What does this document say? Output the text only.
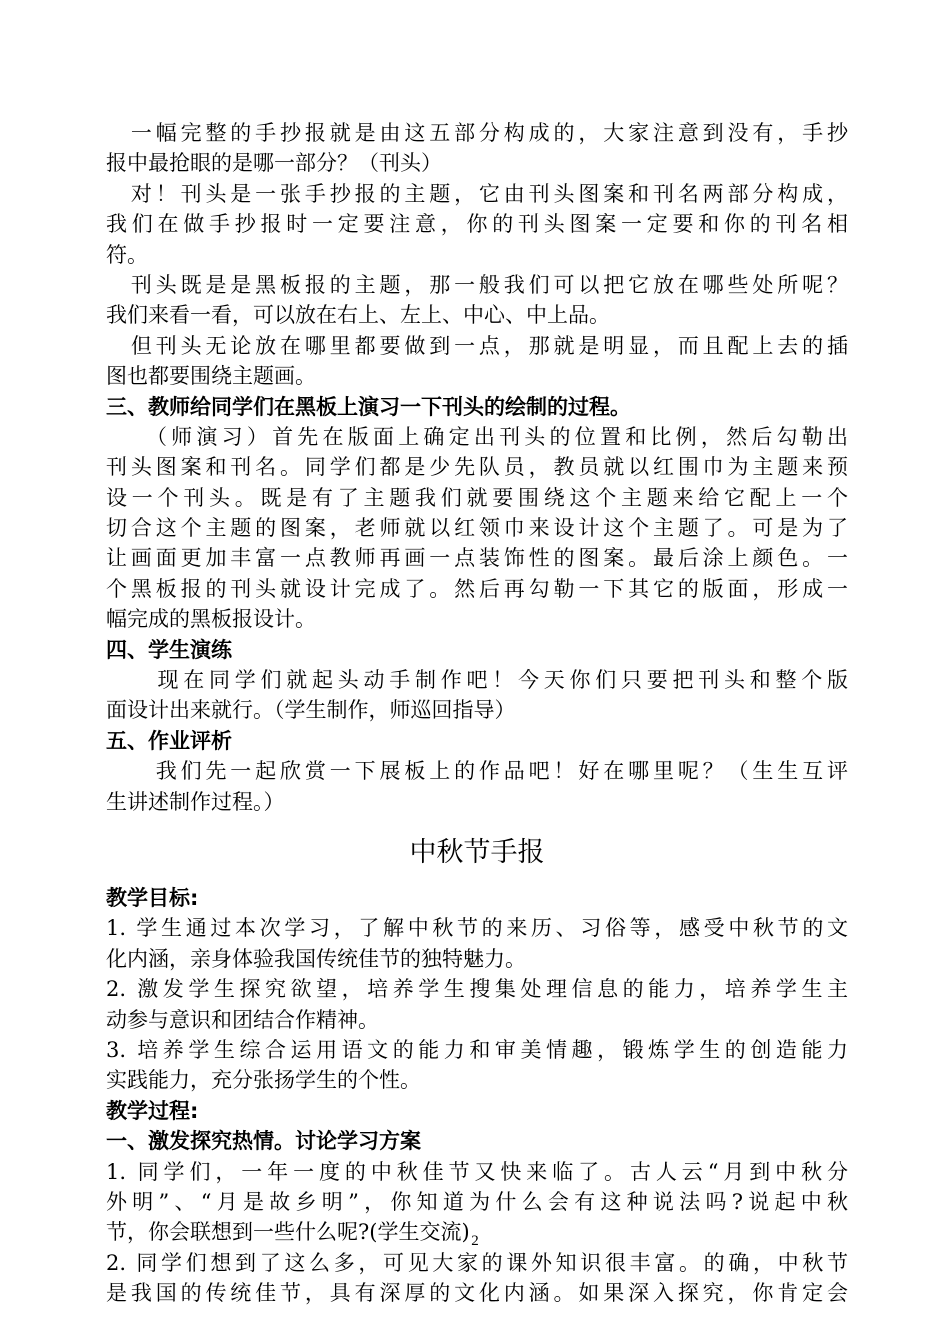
　一幅完整的手抄报就是由这五部分构成的，大家注意到没有，手抄
报中最抢眼的是哪一部分？（刊头）
　对！刊头是一张手抄报的主题，它由刊头图案和刊名两部分构成，
我们在做手抄报时一定要注意，你的刊头图案一定要和你的刊名相
符。
　刊头既是是黑板报的主题，那一般我们可以把它放在哪些处所呢？
我们来看一看，可以放在右上、左上、中心、中上品。
　但刊头无论放在哪里都要做到一点，那就是明显，而且配上去的插
图也都要围绕主题画。
三、教师给同学们在黑板上演习一下刊头的绘制的过程。
　　（师演习）首先在版面上确定出刊头的位置和比例，然后勾勒出
刊头图案和刊名。同学们都是少先队员，教员就以红围巾为主题来预
设一个刊头。既是有了主题我们就要围绕这个主题来给它配上一个
切合这个主题的图案，老师就以红领巾来设计这个主题了。可是为了
让画面更加丰富一点教师再画一点装饰性的图案。最后涂上颜色。一
个黑板报的刊头就设计完成了。然后再勾勒一下其它的版面，形成一
幅完成的黑板报设计。
四、学生演练
　　现在同学们就起头动手制作吧！今天你们只要把刊头和整个版
面设计出来就行。（学生制作，师巡回指导）
五、作业评析
　　我们先一起欣赏一下展板上的作品吧！好在哪里呢？（生生互评
生讲述制作过程。）
中秋节手报
教学目标:
1. 学生通过本次学习，了解中秋节的来历、习俗等，感受中秋节的文
化内涵，亲身体验我国传统佳节的独特魅力。
2. 激发学生探究欲望，培养学生搜集处理信息的能力，培养学生主
动参与意识和团结合作精神。
3. 培养学生综合运用语文的能力和审美情趣，锻炼学生的创造能力
实践能力，充分张扬学生的个性。
教学过程:
一、激发探究热情。讨论学习方案
1. 同学们，一年一度的中秋佳节又快来临了。古人云“月到中秋分
外明”、“月是故乡明”，你知道为什么会有这种说法吗?说起中秋
节，你会联想到一些什么呢?(学生交流)
2. 同学们想到了这么多，可见大家的课外知识很丰富。的确，中秋节
是我国的传统佳节，具有深厚的文化内涵。如果深入探究，你肯定会
2
